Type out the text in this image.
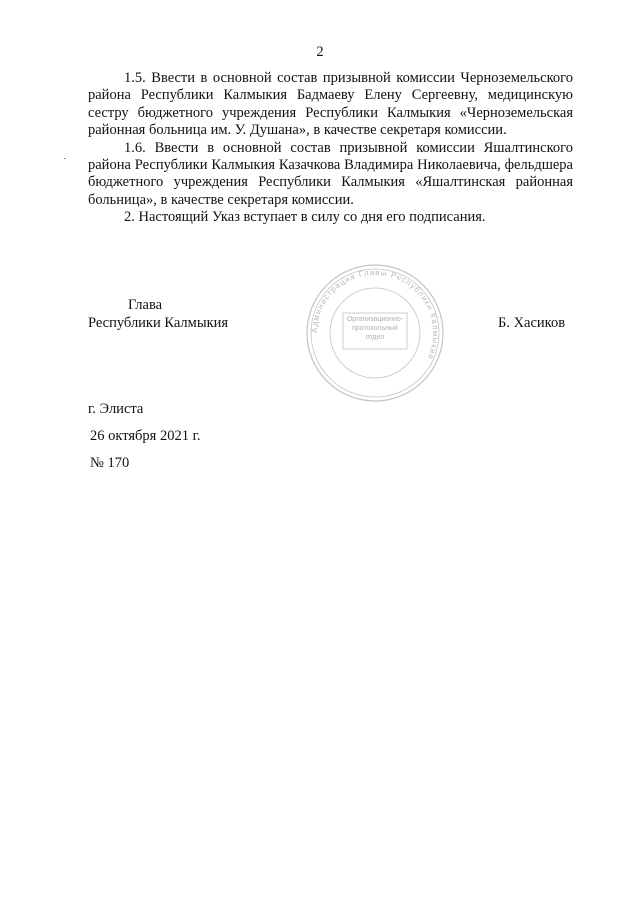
2

1.5. Ввести в основной состав призывной комиссии Черноземельского района Республики Калмыкия Бадмаеву Елену Сергеевну, медицинскую сестру бюджетного учреждения Республики Калмыкия «Черноземельская районная больница им. У. Душана», в качестве секретаря комиссии.

1.6. Ввести в основной состав призывной комиссии Яшалтинского района Республики Калмыкия Казачкова Владимира Николаевича, фельдшера бюджетного учреждения Республики Калмыкия «Яшалтинская районная больница», в качестве секретаря комиссии.

2. Настоящий Указ вступает в силу со дня его подписания.

Глава
Республики Калмыкия	Б. Хасиков
Администрация Главы Республики Калмыкия
Организационно-протокольный отдел
г. Элиста
26 октября 2021 г.
№ 170
